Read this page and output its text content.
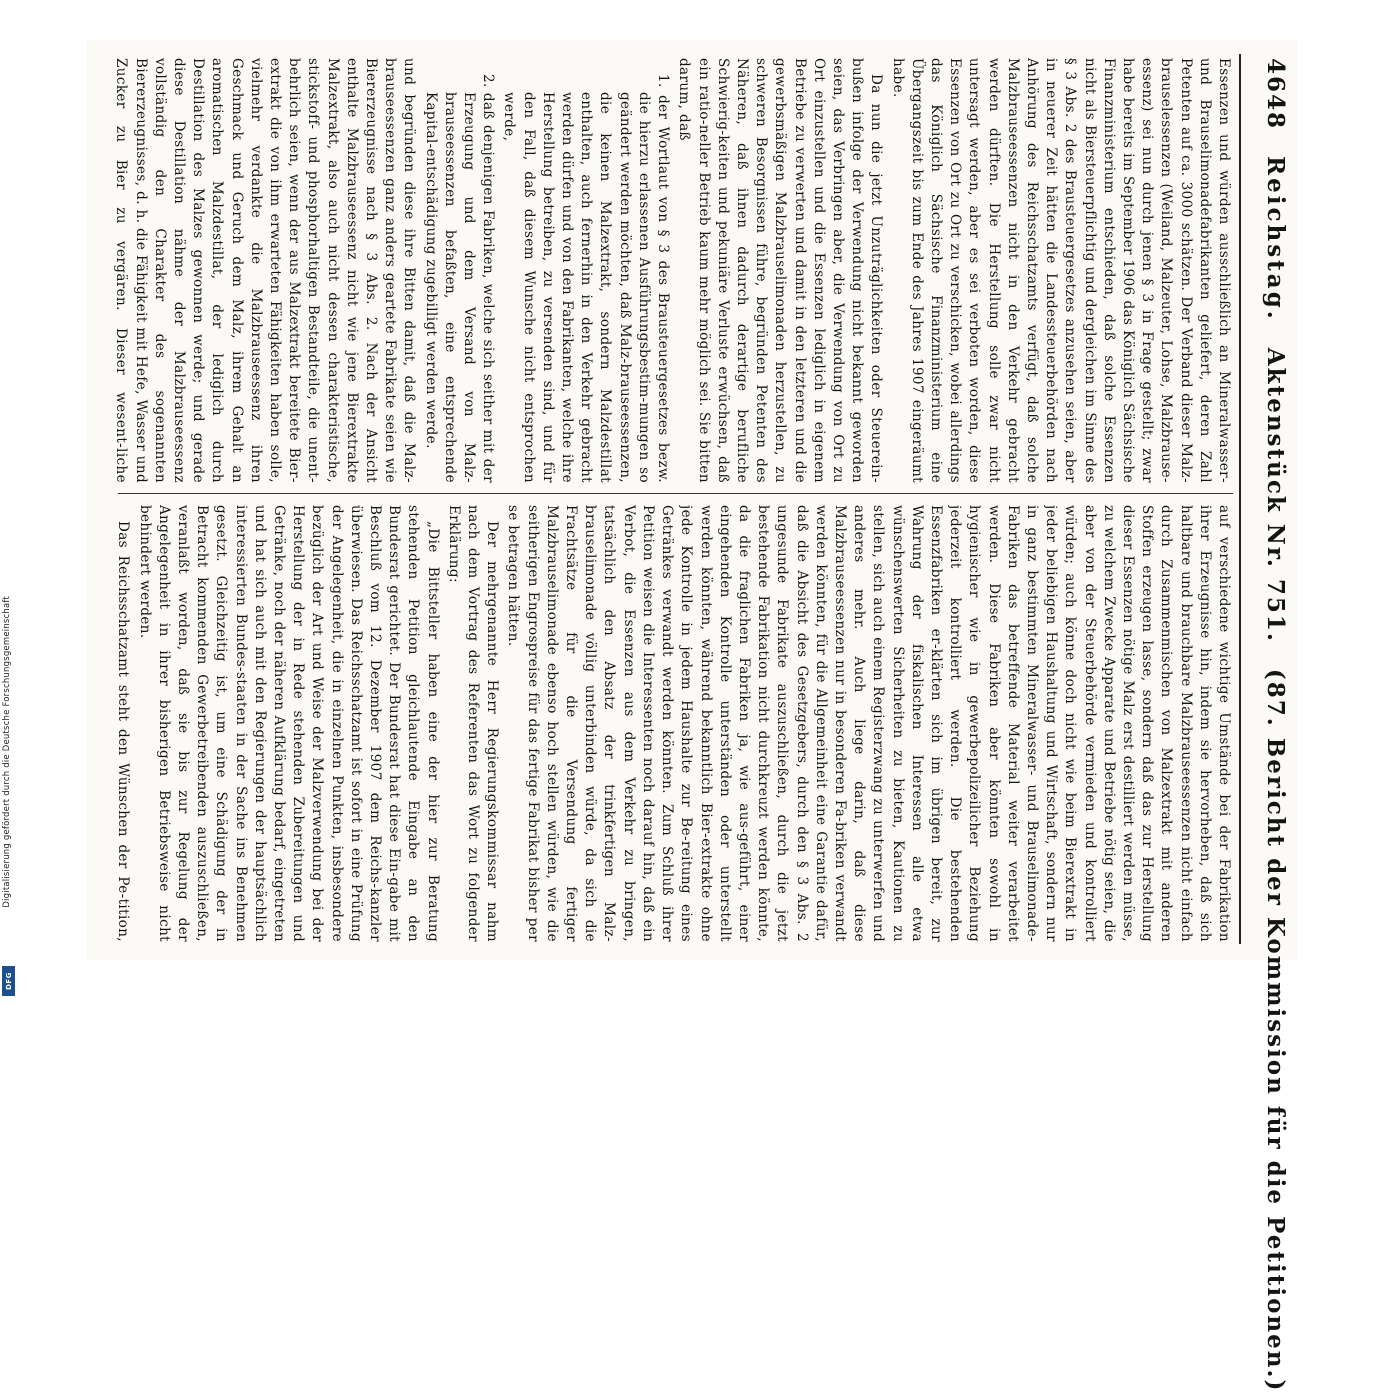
4648
Reichstag.
Aktenstück Nr. 751.
(87. Bericht der Kommission für die Petitionen.)

Essenzen und würden ausschließlich an Mineralwasser- und Brauselimonadefabrikanten geliefert, deren Zahl Petenten auf ca. 3000 schätzen. Der Verband dieser Malz-brauselessenzen (Weiland, Malzeuter, Lohse, Malzbrause-essenz) sei nun durch jenen § 3 in Frage gestellt; zwar habe bereits im September 1906 das Königlich Sächsische Finanzministerium entschieden, daß solche Essenzen nicht als Biersteuerpflichtig und dergleichen im Sinne des § 3 Abs. 2 des Brausteuergesetzes anzusehen seien, aber in neuerer Zeit hätten die Landessteuerbehörden nach Anhörung des Reichsschatzamts verfügt, daß solche Malzbrauseessenzen nicht in den Verkehr gebracht werden dürften. Die Herstellung solle zwar nicht untersagt werden, aber es sei verboten worden, diese Essenzen von Ort zu Ort zu verschicken, wobei allerdings das Königlich Sächsische Finanzministerium eine Übergangszeit bis zum Ende des Jahres 1907 eingeräumt habe.

Da nun die jetzt Unzuträglichkeiten oder Steuerein-bußen infolge der Verwendung nicht bekannt geworden seien, das Verbringen aber, die Verwendung von Ort zu Ort einzustellen und die Essenzen lediglich in eigenem Betriebe zu verwerten und damit in den letzteren und die gewerbsmäßigen Malzbrauselimonaden herzustellen, zu schweren Besorgnissen führe, begründen Petenten des Näheren, daß ihnen dadurch derartige berufliche Schwierig-keiten und pekuniäre Verluste erwüchsen, daß ein ratio-neller Betrieb kaum mehr möglich sei. Sie bitten darum, daß

1. der Wortlaut von § 3 des Brausteuergesetzes bezw. die hierzu erlassenen Ausführungsbestim-mungen so geändert werden möchten, daß Malz-brauseessenzen, die keinen Malzextrakt, sondern Malzdestillat enthalten, auch fernerhin in den Verkehr gebracht werden dürfen und von den Fabrikanten, welche ihre Herstellung betreiben, zu versenden sind, und für den Fall, daß diesem Wunsche nicht entsprochen werde,
2. daß denjenigen Fabriken, welche sich seither mit der Erzeugung und dem Versand von Malz-brauseessenzen befaßten, eine entsprechende Kapital-entschädigung zugebilligt werden werde.

und begründen diese ihre Bitten damit, daß die Malz-brauseessenzen ganz anders geartete Fabrikate seien wie Biererzeugnisse nach § 3 Abs. 2. Nach der Ansicht enthalte Malzbrauseessenz nicht wie jene Bierextrakte Malzextrakt, also auch nicht dessen charakteristische, stickstoff- und phosphorhaltigen Bestandteile, die unent-behrlich seien, wenn der aus Malzextrakt bereitete Bier-extrakt die von ihm erwarteten Fähigkeiten haben solle, vielmehr verdankte die Malzbrauseessenz ihren Geschmack und Geruch dem Malz, ihrem Gehalt an aromatischen Malzdestillat, der lediglich durch Destillation des Malzes gewonnen werde; und gerade diese Destillation nähme der Malzbrauseessenz vollständig den Charakter des sogenannten Biererzeugnisses, d. h. die Fähigkeit mit Hefe, Wasser und Zucker zu Bier zu vergären. Dieser wesent-liche

auf verschiedene wichtige Umstände bei der Fabrikation ihrer Erzeugnisse hin, indem sie hervorheben, daß sich haltbare und brauchbare Malzbrauseessenzen nicht einfach durch Zusammenmischen von Malzextrakt mit anderen Stoffen erzeugen lasse, sondern daß das zur Herstellung dieser Essenzen nötige Malz erst destilliert werden müsse, zu welchem Zwecke Apparate und Betriebe nötig seien, die aber von der Steuerbehörde vermieden und kontrolliert würden; auch könne doch nicht wie beim Bierextrakt in jeder beliebigen Haushaltung und Wirtschaft, sondern nur in ganz bestimmten Mineralwasser- und Brauselimonade-Fabriken das betreffende Material weiter verarbeitet werden. Diese Fabriken aber könnten sowohl in hygienischer wie in gewerbepolizeilicher Beziehung jederzeit kontrolliert werden. Die bestehenden Essenzfabriken er-klärten sich im übrigen bereit, zur Wahrung der fiskalischen Interessen alle etwa wünschenswerten Sicherheiten zu bieten, Kautionen zu stellen, sich auch einem Registerzwang zu unterwerfen und anderes mehr. Auch liege darin, daß diese Malzbrauseessenzen nur in besonderen Fa-briken verwandt werden könnten, für die Allgemeinheit eine Garantie dafür, daß die Absicht des Gesetzgebers, durch den § 3 Abs. 2 ungesunde Fabrikate auszuschließen, durch die jetzt bestehende Fabrikation nicht durchkreuzt werden könnte, da die fraglichen Fabriken ja, wie aus-geführt, einer eingehenden Kontrolle unterständen oder unterstellt werden könnten, während bekanntlich Bier-extrakte ohne jede Kontrolle in jedem Haushalte zur Be-reitung eines Getränkes verwandt werden könnten. Zum Schluß ihrer Petition weisen die Interessenten noch darauf hin, daß ein Verbot, die Essenzen aus dem Verkehr zu bringen, tatsächlich den Absatz der trinkfertigen Malz-brauselimonade völlig unterbinden würde, da sich die Frachtsätze für die Versendung fertiger Malzbrauselimonade ebenso hoch stellen würden, wie die seitherigen Engrospreise für das fertige Fabrikat bisher per se betragen hätten.

Der mehrgenannte Herr Regierungskommissar nahm nach dem Vortrag des Referenten das Wort zu folgender Erklärung:

„Die Bittsteller haben eine der hier zur Beratung stehenden Petition gleichlautende Eingabe an den Bundesrat gerichtet. Der Bundesrat hat diese Ein-gabe mit Beschluß vom 12. Dezember 1907 dem Reichs-kanzler überwiesen. Das Reichsschatzamt ist sofort in eine Prüfung der Angelegenheit, die in einzelnen Punkten, insbesondere bezüglich der Art und Weise der Malzverwendung bei der Herstellung der in Rede stehenden Zubereitungen und Getränke, noch der näheren Aufklärung bedarf, eingetreten und hat sich auch mit den Regierungen der hauptsächlich interessierten Bundes-staaten in der Sache ins Benehmen gesetzt. Gleichzeitig ist, um eine Schädigung der in Betracht kommenden Gewerbetreibenden auszuschließen, veranlaßt worden, daß sie bis zur Regelung der Angelegenheit in ihrer bisherigen Betriebsweise nicht behindert werden.

Das Reichsschatzamt steht den Wünschen der Pe-tition,

Digitalisierung gefördert durch die Deutsche Forschungsgemeinschaft
DFG
